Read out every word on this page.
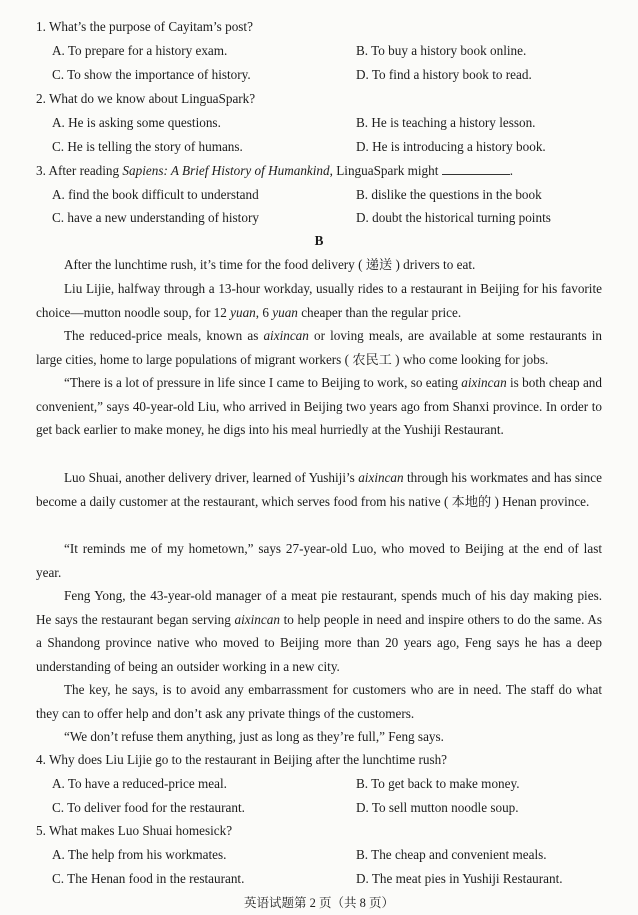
1. What’s the purpose of Cayitam’s post?
A. To prepare for a history exam.	B. To buy a history book online.
C. To show the importance of history.	D. To find a history book to read.
2. What do we know about LinguaSpark?
A. He is asking some questions.	B. He is teaching a history lesson.
C. He is telling the story of humans.	D. He is introducing a history book.
3. After reading Sapiens: A Brief History of Humankind, LinguaSpark might	.
A. find the book difficult to understand	B. dislike the questions in the book
C. have a new understanding of history	D. doubt the historical turning points
B
After the lunchtime rush, it’s time for the food delivery ( 递送 ) drivers to eat.
Liu Lijie, halfway through a 13-hour workday, usually rides to a restaurant in Beijing for his favorite choice—mutton noodle soup, for 12 yuan, 6 yuan cheaper than the regular price.
The reduced-price meals, known as aixincan or loving meals, are available at some restaurants in large cities, home to large populations of migrant workers ( 农民工 ) who come looking for jobs.
“There is a lot of pressure in life since I came to Beijing to work, so eating aixincan is both cheap and convenient,” says 40-year-old Liu, who arrived in Beijing two years ago from Shanxi province. In order to get back earlier to make money, he digs into his meal hurriedly at the Yushiji Restaurant.
Luo Shuai, another delivery driver, learned of Yushiji’s aixincan through his workmates and has since become a daily customer at the restaurant, which serves food from his native ( 本地的 ) Henan province.
“It reminds me of my hometown,” says 27-year-old Luo, who moved to Beijing at the end of last year.
Feng Yong, the 43-year-old manager of a meat pie restaurant, spends much of his day making pies. He says the restaurant began serving aixincan to help people in need and inspire others to do the same. As a Shandong province native who moved to Beijing more than 20 years ago, Feng says he has a deep understanding of being an outsider working in a new city.
The key, he says, is to avoid any embarrassment for customers who are in need. The staff do what they can to offer help and don’t ask any private things of the customers.
“We don’t refuse them anything, just as long as they’re full,” Feng says.
4. Why does Liu Lijie go to the restaurant in Beijing after the lunchtime rush?
A. To have a reduced-price meal.	B. To get back to make money.
C. To deliver food for the restaurant.	D. To sell mutton noodle soup.
5. What makes Luo Shuai homesick?
A. The help from his workmates.	B. The cheap and convenient meals.
C. The Henan food in the restaurant.	D. The meat pies in Yushiji Restaurant.
英语试题第 2 页（共 8 页）
